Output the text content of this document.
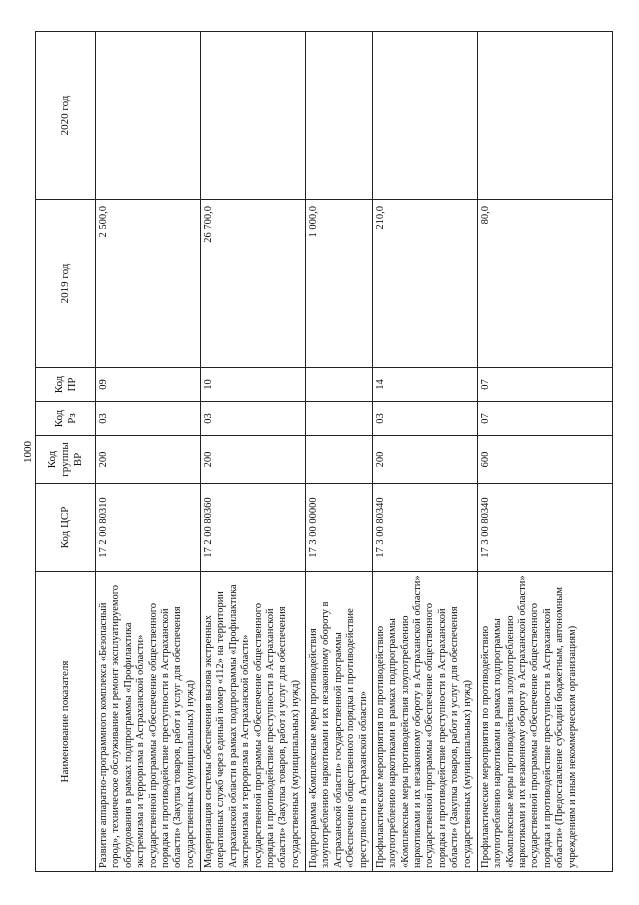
1000
Наименование показателя	Код ЦСР	Код группы ВР	Код Рз	Код ПР	2019 год	2020 год
Развитие аппаратно-программного комплекса «Безопасный город», техническое обслуживание и ремонт эксплуатируемого оборудования в рамках подпрограммы «Профилактика экстремизма и терроризма в Астраханской области» государственной программы «Обеспечение общественного порядка и противодействие преступности в Астраханской области» (Закупка товаров, работ и услуг для обеспечения государственных (муниципальных) нужд)	17 2 00 80310	200	03	09	2 500,0	
Модернизация системы обеспечения вызова экстренных оперативных служб через единый номер «112» на территории Астраханской области в рамках подпрограммы «Профилактика экстремизма и терроризма в Астраханской области» государственной программы «Обеспечение общественного порядка и противодействие преступности в Астраханской области» (Закупка товаров, работ и услуг для обеспечения государственных (муниципальных) нужд)	17 2 00 80360	200	03	10	26 700,0	
Подпрограмма «Комплексные меры противодействия злоупотреблению наркотиками и их незаконному обороту в Астраханской области» государственной программы «Обеспечение общественного порядка и противодействие преступности в Астраханской области»	17 3 00 00000				1 000,0	
Профилактические мероприятия по противодействию злоупотреблению наркотиками в рамках подпрограммы «Комплексные меры противодействия злоупотреблению наркотиками и их незаконному обороту в Астраханской области» государственной программы «Обеспечение общественного порядка и противодействие преступности в Астраханской области» (Закупка товаров, работ и услуг для обеспечения государственных (муниципальных) нужд)	17 3 00 80340	200	03	14	210,0	
Профилактические мероприятия по противодействию злоупотреблению наркотиками в рамках подпрограммы «Комплексные меры противодействия злоупотреблению наркотиками и их незаконному обороту в Астраханской области» государственной программы «Обеспечение общественного порядка и противодействие преступности в Астраханской области» (Предоставление субсидий бюджетным, автономным учреждениям и иным некоммерческим организациям)	17 3 00 80340	600	07	07	80,0	
